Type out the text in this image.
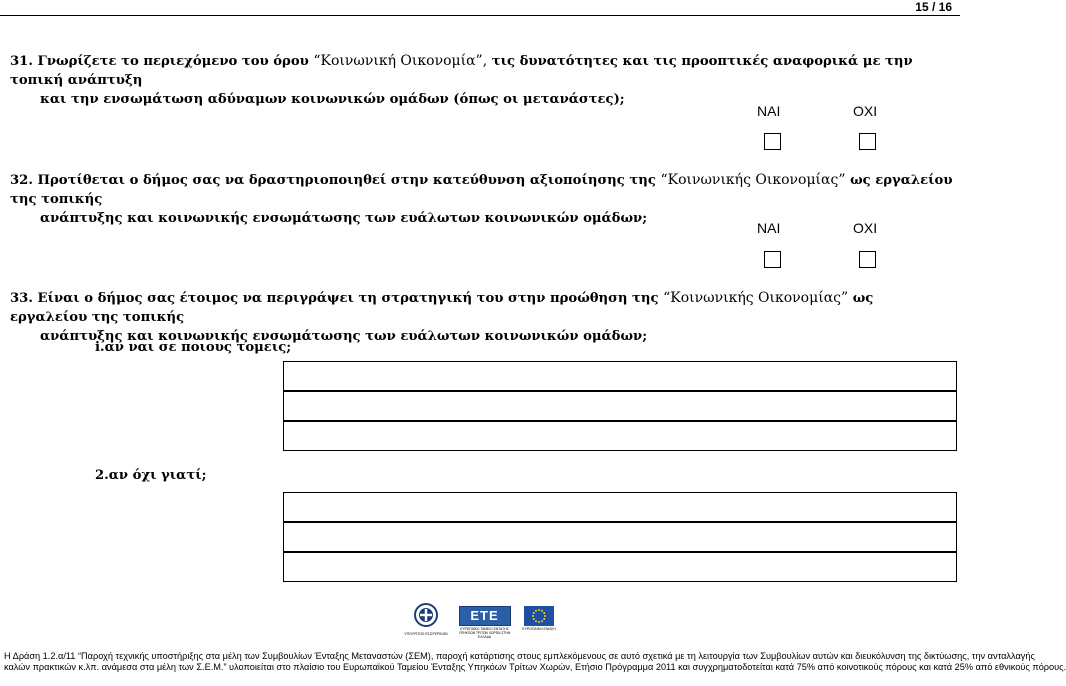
15 / 16
31. Γνωρίζετε το περιεχόμενο του όρου “Κοινωνική Οικονομία”, τις δυνατότητες και τις προοπτικές αναφορικά με την τοπική ανάπτυξη
και την ενσωμάτωση αδύναμων κοινωνικών ομάδων (όπως οι μετανάστες);
ΝΑΙ	ΟΧΙ
32. Προτίθεται ο δήμος σας να δραστηριοποιηθεί στην κατεύθυνση αξιοποίησης της “Κοινωνικής Οικονομίας” ως εργαλείου της τοπικής
ανάπτυξης και κοινωνικής ενσωμάτωσης των ευάλωτων κοινωνικών ομάδων;
ΝΑΙ	ΟΧΙ
33. Είναι ο δήμος σας έτοιμος να περιγράψει τη στρατηγική του στην προώθηση της “Κοινωνικής Οικονομίας” ως εργαλείου της τοπικής
ανάπτυξης και κοινωνικής ενσωμάτωσης των ευάλωτων κοινωνικών ομάδων;
i.αν ναι σε ποιους τομεις;
2.αν όχι γιατί;
ΥΠΟΥΡΓΕΙΟ ΕΣΩΤΕΡΙΚΩΝ
ΕΤΕ
ΕΥΡΩΠΑΪΚΟ ΤΑΜΕΙΟ ΕΝΤΑΞΗΣ ΥΠΗΚΟΩΝ ΤΡΙΤΩΝ ΧΩΡΩΝ ΣΤΗΝ ΕΛΛΑΔΑ
ΕΥΡΩΠΑΪΚΗ ΕΝΩΣΗ
Η Δράση 1.2.α/11 “Παροχή τεχνικής υποστήριξης στα μέλη των Συμβουλίων Ένταξης Μεταναστών (ΣΕΜ), παροχή κατάρτισης στους εμπλεκόμενους σε αυτό σχετικά με τη λειτουργία των Συμβουλίων αυτών και διευκόλυνση της δικτύωσης, την ανταλλαγής
καλών πρακτικών κ.λπ. ανάμεσα στα μέλη των Σ.Ε.Μ.” υλοποιείται στο πλαίσιο του Ευρωπαϊκού Ταμείου Ένταξης Υπηκόων Τρίτων Χωρών, Ετήσιο Πρόγραμμα 2011 και συγχρηματοδοτείται κατά 75% από κοινοτικούς πόρους και κατά 25% από εθνικούς πόρους.
